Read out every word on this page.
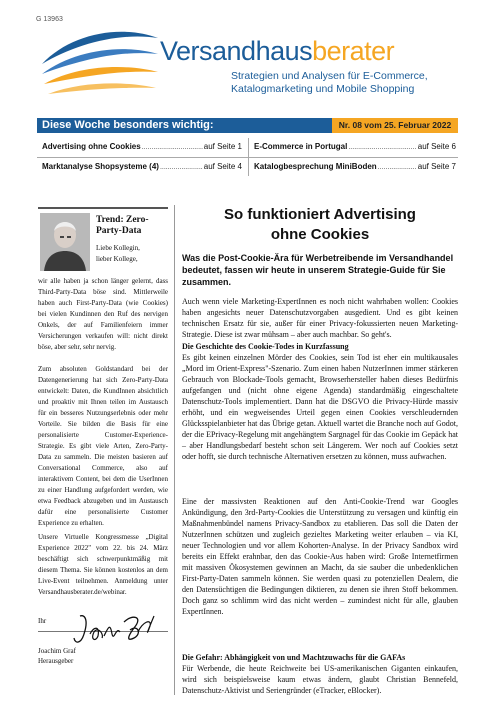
G 13963
Versandhausberater
Strategien und Analysen für E-Commerce,
Katalogmarketing und Mobile Shopping
Diese Woche besonders wichtig:	Nr. 08 vom 25. Februar 2022
Advertising ohne Cookies .....	auf Seite 1 E-Commerce in Portugal .....	auf Seite 6
Marktanalyse Shopsysteme (4) .....	auf Seite 4 Katalogbesprechung MiniBoden .....	auf Seite 7
Trend: Zero-Party-Data
Liebe Kollegin,
lieber Kollege,
wir alle haben ja schon länger gelernt, dass Third-Party-Data böse sind. Mittlerweile haben auch First-Party-Data (wie Cookies) bei vielen Kundinnen den Ruf des nervigen Onkels, der auf Familienfeiern immer Versicherungen verkaufen will: nicht direkt böse, aber sehr, sehr nervig.
Zum absoluten Goldstandard bei der Datengenerierung hat sich Zero-Party-Data entwickelt: Daten, die KundInnen absichtlich und proaktiv mit Ihnen teilen im Austausch für ein besseres Nutzungserlebnis oder mehr Vorteile. Sie bilden die Basis für eine personalisierte Customer-Experience-Strategie. Es gibt viele Arten, Zero-Party-Data zu sammeln. Die meisten basieren auf Conversational Commerce, also auf interaktivem Content, bei dem die UserInnen zu einer Handlung aufgefordert werden, wie etwa Feedback abzugeben und im Austausch dafür eine personalisierte Customer Experience zu erhalten.
Unsere Virtuelle Kongressmesse „Digital Experience 2022" vom 22. bis 24. März beschäftigt sich schwerpunktmäßig mit diesem Thema. Sie können kostenlos an dem Live-Event teilnehmen. Anmeldung unter Versandhausberater.de/webinar.
Ihr
Joachim Graf
Herausgeber
So funktioniert Advertising
ohne Cookies
Was die Post-Cookie-Ära für Werbetreibende im Versandhandel bedeutet, fassen wir heute in unserem Strategie-Guide für Sie zusammen.
Auch wenn viele Marketing-ExpertInnen es noch nicht wahrhaben wollen: Cookies haben angesichts neuer Datenschutzvorgaben ausgedient. Und es gibt keinen technischen Ersatz für sie, außer für einer Privacy-fokussierten neuen Marketing-Strategie. Diese ist zwar mühsam – aber auch machbar. So geht's.
Die Geschichte des Cookie-Todes in Kurzfassung
Es gibt keinen einzelnen Mörder des Cookies, sein Tod ist eher ein multikausales „Mord im Orient-Express"-Szenario. Zum einen haben NutzerInnen immer stärkeren Gebrauch von Blockade-Tools gemacht, Browserhersteller haben dieses Bedürfnis aufgefangen und (nicht ohne eigene Agenda) standardmäßig eingeschaltete Datenschutz-Tools implementiert. Dann hat die DSGVO die Privacy-Hürde massiv erhöht, und ein wegweisendes Urteil gegen einen Cookies verschleudernden Glücksspielanbieter hat das Übrige getan. Aktuell wartet die Branche noch auf Godot, der die EPrivacy-Regelung mit angehängtem Sargnagel für das Cookie im Gepäck hat – aber Handlungsbedarf besteht schon seit Längerem. Wer noch auf Cookies setzt oder hofft, sie durch technische Alternativen ersetzen zu können, muss aufwachen.
Eine der massivsten Reaktionen auf den Anti-Cookie-Trend war Googles Ankündigung, den 3rd-Party-Cookies die Unterstützung zu versagen und künftig ein Maßnahmenbündel namens Privacy-Sandbox zu etablieren. Das soll die Daten der NutzerInnen schützen und zugleich gezieltes Marketing weiter erlauben – via KI, neuer Technologien und vor allem Kohorten-Analyse. In der Privacy Sandbox wird bereits ein Effekt erahnbar, den das Cookie-Aus haben wird: Große Internetfirmen mit massiven Ökosystemen gewinnen an Macht, da sie sauber die unbedenklichen First-Party-Daten sammeln können. Sie werden quasi zu potenziellen Dealern, die den Datensüchtigen die Bedingungen diktieren, zu denen sie ihren Stoff bekommen. Doch ganz so schlimm wird das nicht werden – zumindest nicht für alle, glauben ExpertInnen.
Die Gefahr: Abhängigkeit von und Machtzuwachs für die GAFAs
Für Werbende, die heute Reichweite bei US-amerikanischen Giganten einkaufen, wird sich beispielsweise kaum etwas ändern, glaubt Christian Bennefeld, Datenschutz-Aktivist und Seriengründer (eTracker, eBlocker).
